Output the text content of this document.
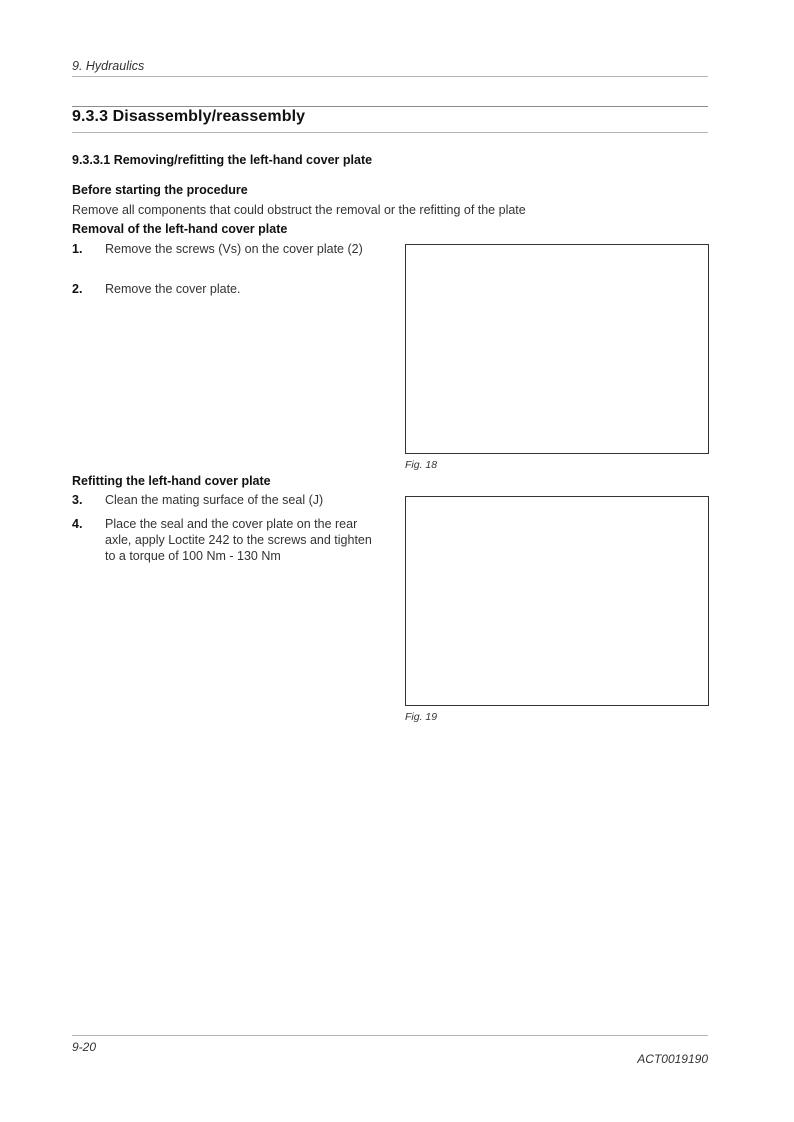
9. Hydraulics
9.3.3 Disassembly/reassembly
9.3.3.1 Removing/refitting the left-hand cover plate
Before starting the procedure
Remove all components that could obstruct the removal or the refitting of the plate
Removal of the left-hand cover plate
1.	Remove the screws (Vs) on the cover plate (2)
2.	Remove the cover plate.
Fig. 18
Refitting the left-hand cover plate
3.	Clean the mating surface of the seal (J)
4.	Place the seal and the cover plate on the rear axle, apply Loctite 242 to the screws and tighten to a torque of 100 Nm - 130 Nm
Fig. 19
9-20
ACT0019190
